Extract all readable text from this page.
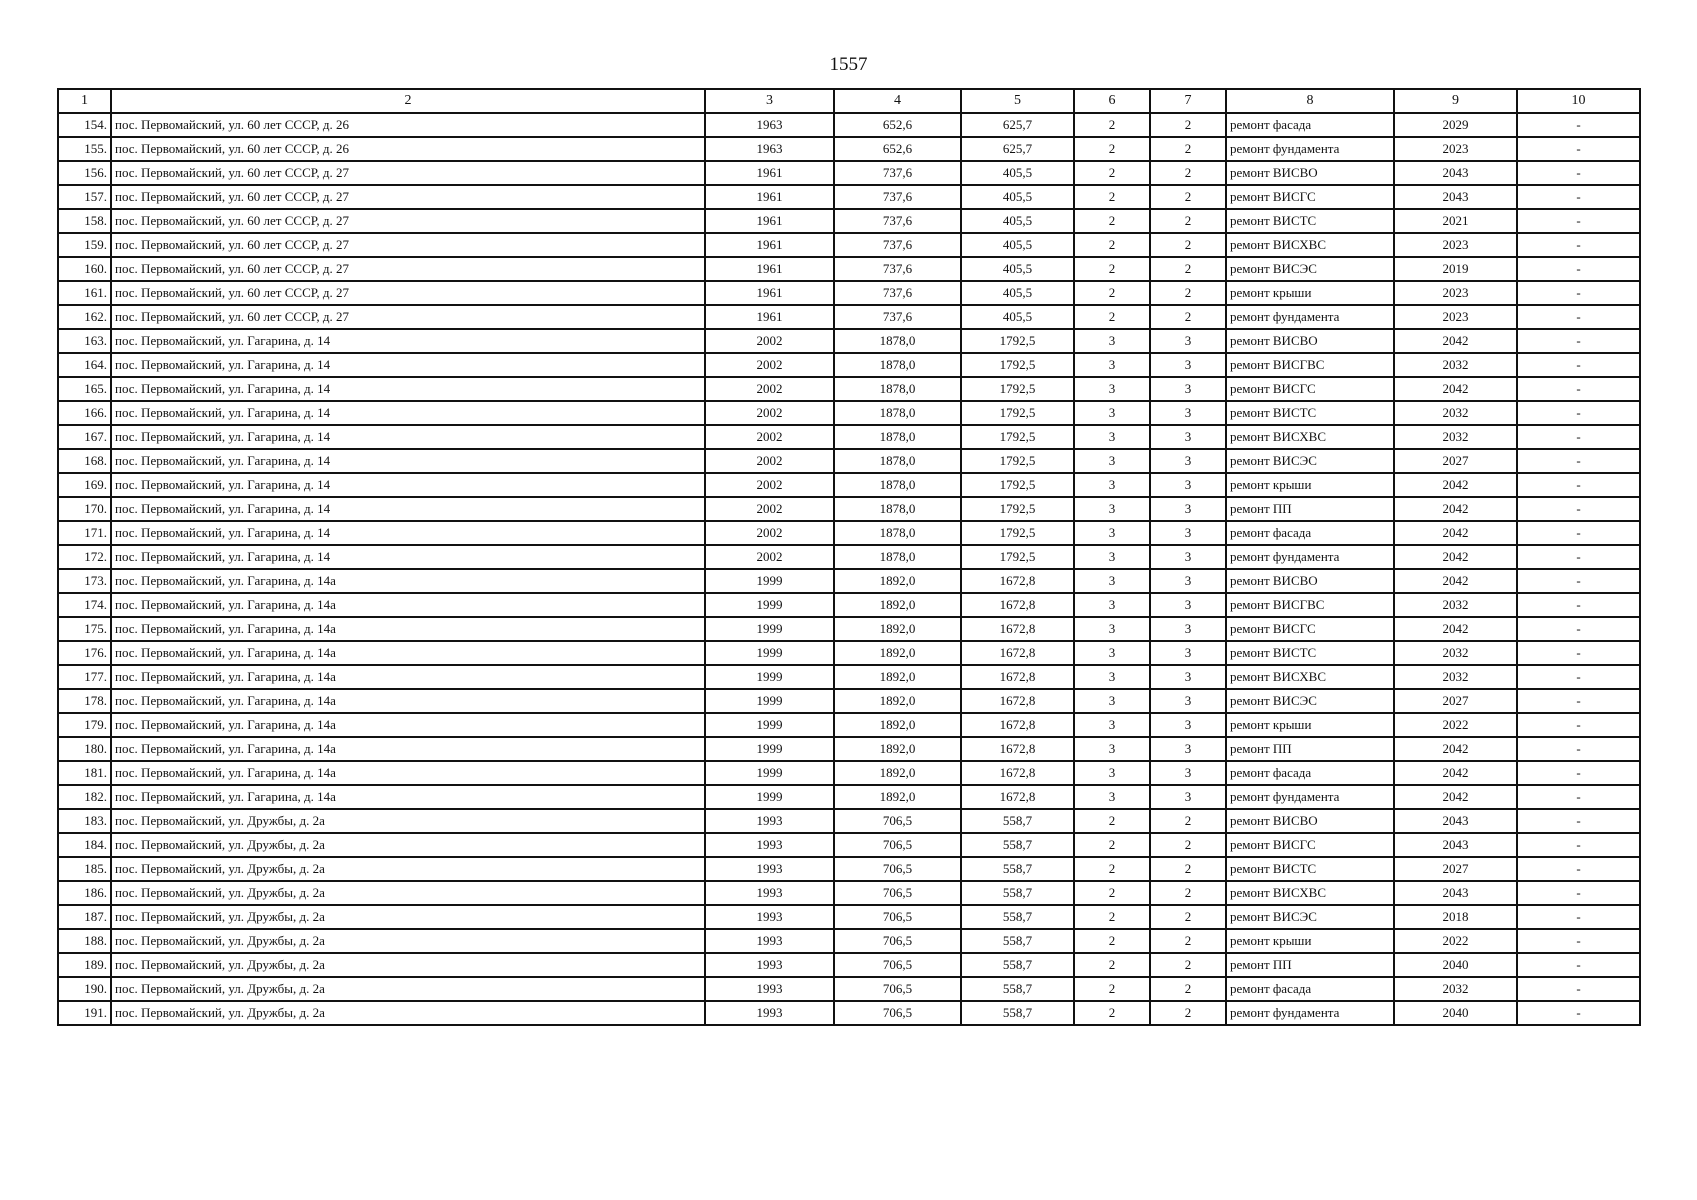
1557
1	2	3	4	5	6	7	8	9	10
154.	пос. Первомайский, ул. 60 лет СССР, д. 26	1963	652,6	625,7	2	2	ремонт фасада	2029	-
155.	пос. Первомайский, ул. 60 лет СССР, д. 26	1963	652,6	625,7	2	2	ремонт фундамента	2023	-
156.	пос. Первомайский, ул. 60 лет СССР, д. 27	1961	737,6	405,5	2	2	ремонт ВИСВО	2043	-
157.	пос. Первомайский, ул. 60 лет СССР, д. 27	1961	737,6	405,5	2	2	ремонт ВИСГС	2043	-
158.	пос. Первомайский, ул. 60 лет СССР, д. 27	1961	737,6	405,5	2	2	ремонт ВИСТС	2021	-
159.	пос. Первомайский, ул. 60 лет СССР, д. 27	1961	737,6	405,5	2	2	ремонт ВИСХВС	2023	-
160.	пос. Первомайский, ул. 60 лет СССР, д. 27	1961	737,6	405,5	2	2	ремонт ВИСЭС	2019	-
161.	пос. Первомайский, ул. 60 лет СССР, д. 27	1961	737,6	405,5	2	2	ремонт крыши	2023	-
162.	пос. Первомайский, ул. 60 лет СССР, д. 27	1961	737,6	405,5	2	2	ремонт фундамента	2023	-
163.	пос. Первомайский, ул. Гагарина, д. 14	2002	1878,0	1792,5	3	3	ремонт ВИСВО	2042	-
164.	пос. Первомайский, ул. Гагарина, д. 14	2002	1878,0	1792,5	3	3	ремонт ВИСГВС	2032	-
165.	пос. Первомайский, ул. Гагарина, д. 14	2002	1878,0	1792,5	3	3	ремонт ВИСГС	2042	-
166.	пос. Первомайский, ул. Гагарина, д. 14	2002	1878,0	1792,5	3	3	ремонт ВИСТС	2032	-
167.	пос. Первомайский, ул. Гагарина, д. 14	2002	1878,0	1792,5	3	3	ремонт ВИСХВС	2032	-
168.	пос. Первомайский, ул. Гагарина, д. 14	2002	1878,0	1792,5	3	3	ремонт ВИСЭС	2027	-
169.	пос. Первомайский, ул. Гагарина, д. 14	2002	1878,0	1792,5	3	3	ремонт крыши	2042	-
170.	пос. Первомайский, ул. Гагарина, д. 14	2002	1878,0	1792,5	3	3	ремонт ПП	2042	-
171.	пос. Первомайский, ул. Гагарина, д. 14	2002	1878,0	1792,5	3	3	ремонт фасада	2042	-
172.	пос. Первомайский, ул. Гагарина, д. 14	2002	1878,0	1792,5	3	3	ремонт фундамента	2042	-
173.	пос. Первомайский, ул. Гагарина, д. 14а	1999	1892,0	1672,8	3	3	ремонт ВИСВО	2042	-
174.	пос. Первомайский, ул. Гагарина, д. 14а	1999	1892,0	1672,8	3	3	ремонт ВИСГВС	2032	-
175.	пос. Первомайский, ул. Гагарина, д. 14а	1999	1892,0	1672,8	3	3	ремонт ВИСГС	2042	-
176.	пос. Первомайский, ул. Гагарина, д. 14а	1999	1892,0	1672,8	3	3	ремонт ВИСТС	2032	-
177.	пос. Первомайский, ул. Гагарина, д. 14а	1999	1892,0	1672,8	3	3	ремонт ВИСХВС	2032	-
178.	пос. Первомайский, ул. Гагарина, д. 14а	1999	1892,0	1672,8	3	3	ремонт ВИСЭС	2027	-
179.	пос. Первомайский, ул. Гагарина, д. 14а	1999	1892,0	1672,8	3	3	ремонт крыши	2022	-
180.	пос. Первомайский, ул. Гагарина, д. 14а	1999	1892,0	1672,8	3	3	ремонт ПП	2042	-
181.	пос. Первомайский, ул. Гагарина, д. 14а	1999	1892,0	1672,8	3	3	ремонт фасада	2042	-
182.	пос. Первомайский, ул. Гагарина, д. 14а	1999	1892,0	1672,8	3	3	ремонт фундамента	2042	-
183.	пос. Первомайский, ул. Дружбы, д. 2а	1993	706,5	558,7	2	2	ремонт ВИСВО	2043	-
184.	пос. Первомайский, ул. Дружбы, д. 2а	1993	706,5	558,7	2	2	ремонт ВИСГС	2043	-
185.	пос. Первомайский, ул. Дружбы, д. 2а	1993	706,5	558,7	2	2	ремонт ВИСТС	2027	-
186.	пос. Первомайский, ул. Дружбы, д. 2а	1993	706,5	558,7	2	2	ремонт ВИСХВС	2043	-
187.	пос. Первомайский, ул. Дружбы, д. 2а	1993	706,5	558,7	2	2	ремонт ВИСЭС	2018	-
188.	пос. Первомайский, ул. Дружбы, д. 2а	1993	706,5	558,7	2	2	ремонт крыши	2022	-
189.	пос. Первомайский, ул. Дружбы, д. 2а	1993	706,5	558,7	2	2	ремонт ПП	2040	-
190.	пос. Первомайский, ул. Дружбы, д. 2а	1993	706,5	558,7	2	2	ремонт фасада	2032	-
191.	пос. Первомайский, ул. Дружбы, д. 2а	1993	706,5	558,7	2	2	ремонт фундамента	2040	-
